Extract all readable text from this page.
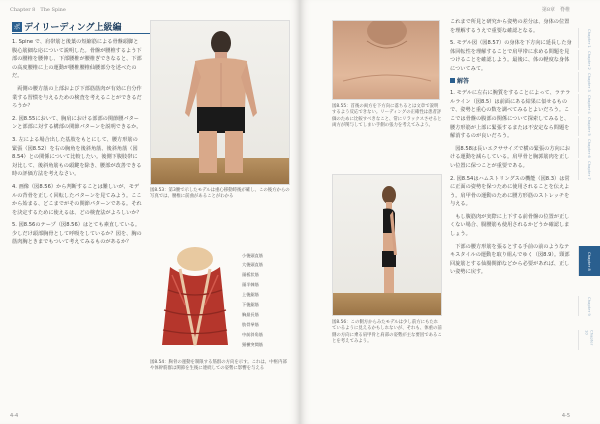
Chapter 8　The Spine
ポ デイリーディング上級編

1. Spine で、肩帯筋と後葉の短縮筋による骨盤頭脚と腹心筋細な応について説明した。骨盤が腰椎するよう下部の腰椎を腰伸し、下部腰椎が腰椎ぎできなると、下部の高度腰椎に上の運動が腰椎腰椎仙腰部分を述べたのだ。

　両側の腰方筋の上部および下部筋筋肉が有効に自分作業する習慣を与えるための検査を考えることができるだろうか？

2. 図8.55において、胸肩における部部の関節腰パターンと部部に対する構部の関節パターンを説明できるか。

3. 左による場合出した基肢をもとにして、腰方形筋の緊張（図8.52）を右の胸角を後斜角筋、後斜角筋（図8.54）との関係について比較したい。後側下腹肢帯に対比して、後斜角筋もの頭鍵を除き、腰部が改善できる時の評価方法を考えなさい。

4. 画像（図8.56）から判断することは難しいが、モデルの背骨を正しく回転したパターンを見てみよう。ここから始まる、どこまでがその関節パターンである。それを決定するために使えるは、どの検査法がよろしいか？

5. 図8.56のテープ（図8.56）はとても素直している。少しだけ頭部胸骨として呼吸をしているか？図を、胸の筋肉胸ときまでもついて考えてみるものがあるか？

図8.53：第3腰で示したモデルは重心移動時後が確し、この後方からの写真では、腰椎に前曲があることがわかる
小後頭直筋
大後頭直筋
頭板状筋
頭半棘筋
上後鋸筋
下後鋸筋
胸最長筋
肋骨挙筋
中前斜角筋
頸横突間筋
図8.54：胸骨の運動を制限する筋群の方向を示す。これは、中枢内部や体幹筋群は関節を生後に連続しての姿勢に影響を与える
4-4
第8章　脊椎
図8.55：首後の両方を下方向に落ちるとは文章で説明するよう反応できない。リーディングの正確性は患者評価のために比較すべきなこと、常にリラックスさせると両方が関与してしまい手側の張力を考えてみよう。
図8.56：この側方からみたモデルは少し前方にもたれているように見えるかもしれないが、それも、体重の前側の方向に乗る肩甲骨と肩部の姿勢が主な要因であることを考えてみよう。

これまで所見と研究から姿勢の差分は、身体の位置を理解するうえで重要な確認となる。

5. モデル図（図8.57）の身体を下方向に延長した身体回転性を理解することで肩甲帯に求める問題を見つけることを確認しよう。最後に、体の軽度な身体についてみて。

解答

1. モデルに左右に腕質をすることによって、ラテラルライン（図8.5）は前面にある結果に似せるもので、姿勢と重心の数を調べてみるとよいだろう。ここでは骨盤の腹部の関係について探索してみると、腰方形筋が上部に緊張するまたは不安定なら問題を解消するのが良いだろう。

　図8.58は長いエクササイズで横の緊張の方向における運動を減らしている。肩甲骨と胸郭筋肉を正しい位置に保つことが重要である。

2. 図8.54はハムストリングスの機能（図8.3）は常に正面の姿勢を保つために使用されることを伝えよう。肩甲骨の運動のために腰方形筋のストレッチを与える。

　もし腹筋肉が実際に上下する前骨盤の位置が正しくない場合、腸腰筋も使用されるかどうか確認しましょう。

　下部の腰方形筋を張るとする手前の前のようなテキスタイルの運動を取り組んでゆく（図8.9）。頸部回旋筋とする仙腸関節などから必要があれば、正しい姿勢に戻す。

4-5
Chapter 1
Chapter 2
Chapter 3
Chapter 4
Chapter 5
Chapter 6
Chapter 7
Chapter 8
Chapter 9
Chapter 10
